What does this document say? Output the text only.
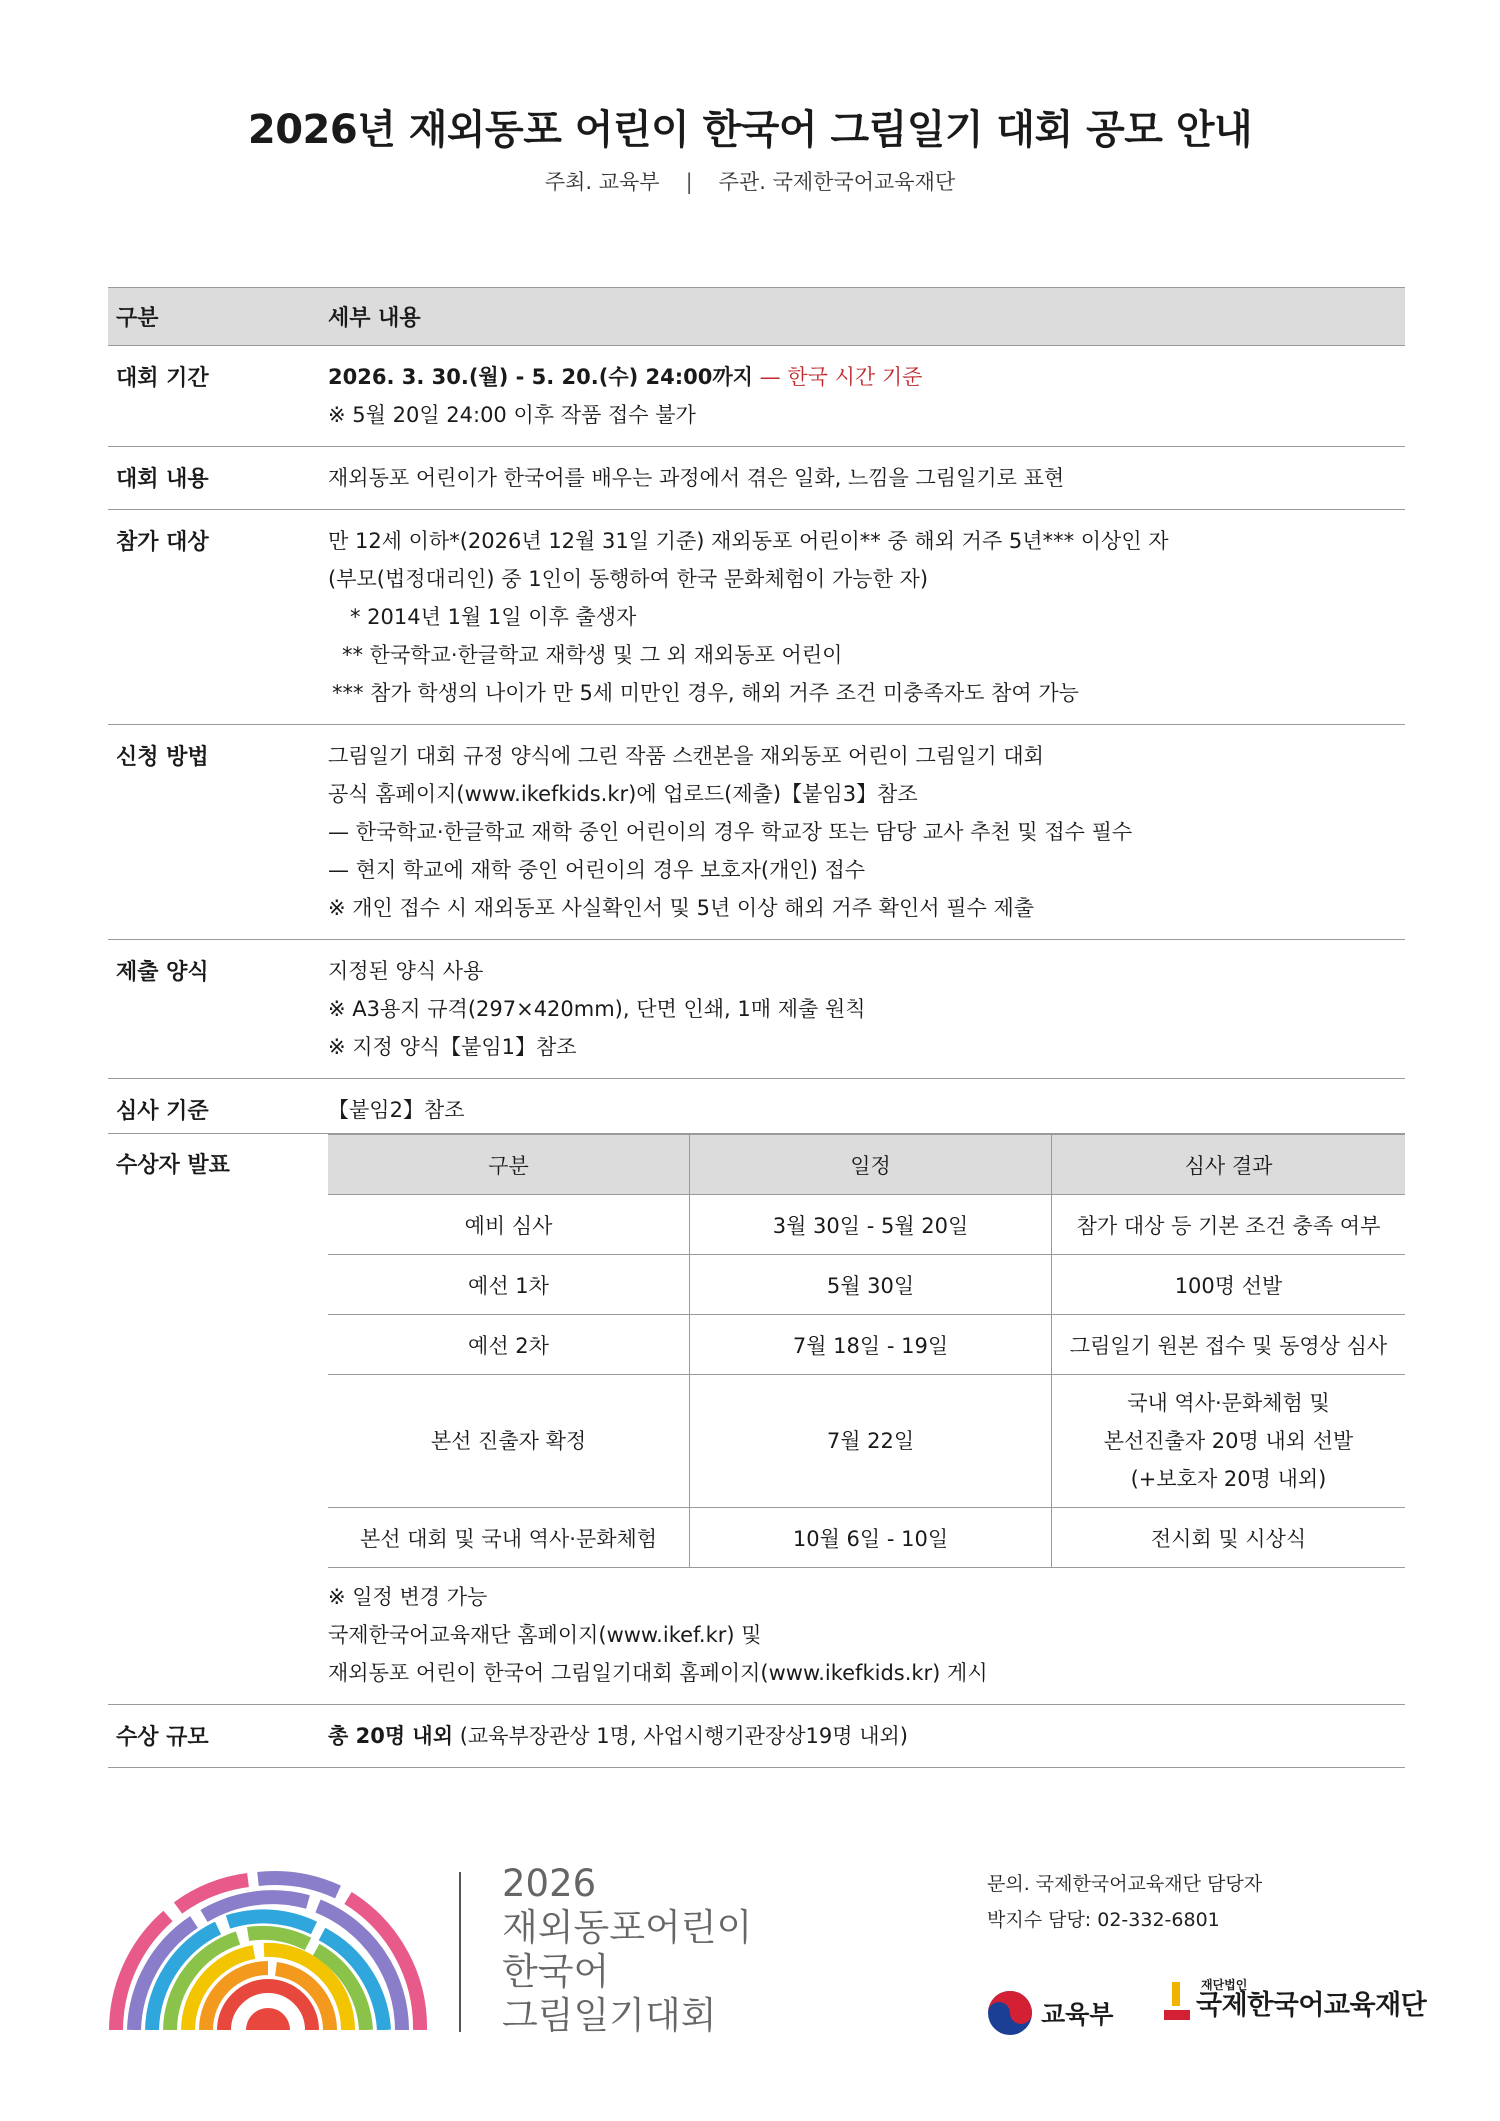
2026년 재외동포 어린이 한국어 그림일기 대회 공모 안내
주최. 교육부 | 주관. 국제한국어교육재단
구분	세부 내용
대회 기간	2026. 3. 30.(월) - 5. 20.(수) 24:00까지 — 한국 시간 기준
※ 5월 20일 24:00 이후 작품 접수 불가
대회 내용	재외동포 어린이가 한국어를 배우는 과정에서 겪은 일화, 느낌을 그림일기로 표현
참가 대상	만 12세 이하*(2026년 12월 31일 기준) 재외동포 어린이** 중 해외 거주 5년*** 이상인 자
(부모(법정대리인) 중 1인이 동행하여 한국 문화체험이 가능한 자)
* 2014년 1월 1일 이후 출생자
** 한국학교·한글학교 재학생 및 그 외 재외동포 어린이
*** 참가 학생의 나이가 만 5세 미만인 경우, 해외 거주 조건 미충족자도 참여 가능
신청 방법	그림일기 대회 규정 양식에 그린 작품 스캔본을 재외동포 어린이 그림일기 대회
공식 홈페이지(www.ikefkids.kr)에 업로드(제출)【붙임3】참조
— 한국학교·한글학교 재학 중인 어린이의 경우 학교장 또는 담당 교사 추천 및 접수 필수
— 현지 학교에 재학 중인 어린이의 경우 보호자(개인) 접수
※ 개인 접수 시 재외동포 사실확인서 및 5년 이상 해외 거주 확인서 필수 제출
제출 양식	지정된 양식 사용
※ A3용지 규격(297×420mm), 단면 인쇄, 1매 제출 원칙
※ 지정 양식【붙임1】참조
심사 기준	【붙임2】참조
수상자 발표	구분	일정	심사 결과
예비 심사	3월 30일 - 5월 20일	참가 대상 등 기본 조건 충족 여부
예선 1차	5월 30일	100명 선발
예선 2차	7월 18일 - 19일	그림일기 원본 접수 및 동영상 심사
본선 진출자 확정	7월 22일	국내 역사·문화체험 및
본선진출자 20명 내외 선발
(+보호자 20명 내외)

본선 대회 및 국내 역사·문화체험	10월 6일 - 10일	전시회 및 시상식
※ 일정 변경 가능
국제한국어교육재단 홈페이지(www.ikef.kr) 및
재외동포 어린이 한국어 그림일기대회 홈페이지(www.ikefkids.kr) 게시
수상 규모	총 20명 내외 (교육부장관상 1명, 사업시행기관장상19명 내외)
2026
재외동포어린이
한국어
그림일기대회
문의. 국제한국어교육재단 담당자
박지수 담당: 02-332-6801
교육부
재단법인
국제한국어교육재단
